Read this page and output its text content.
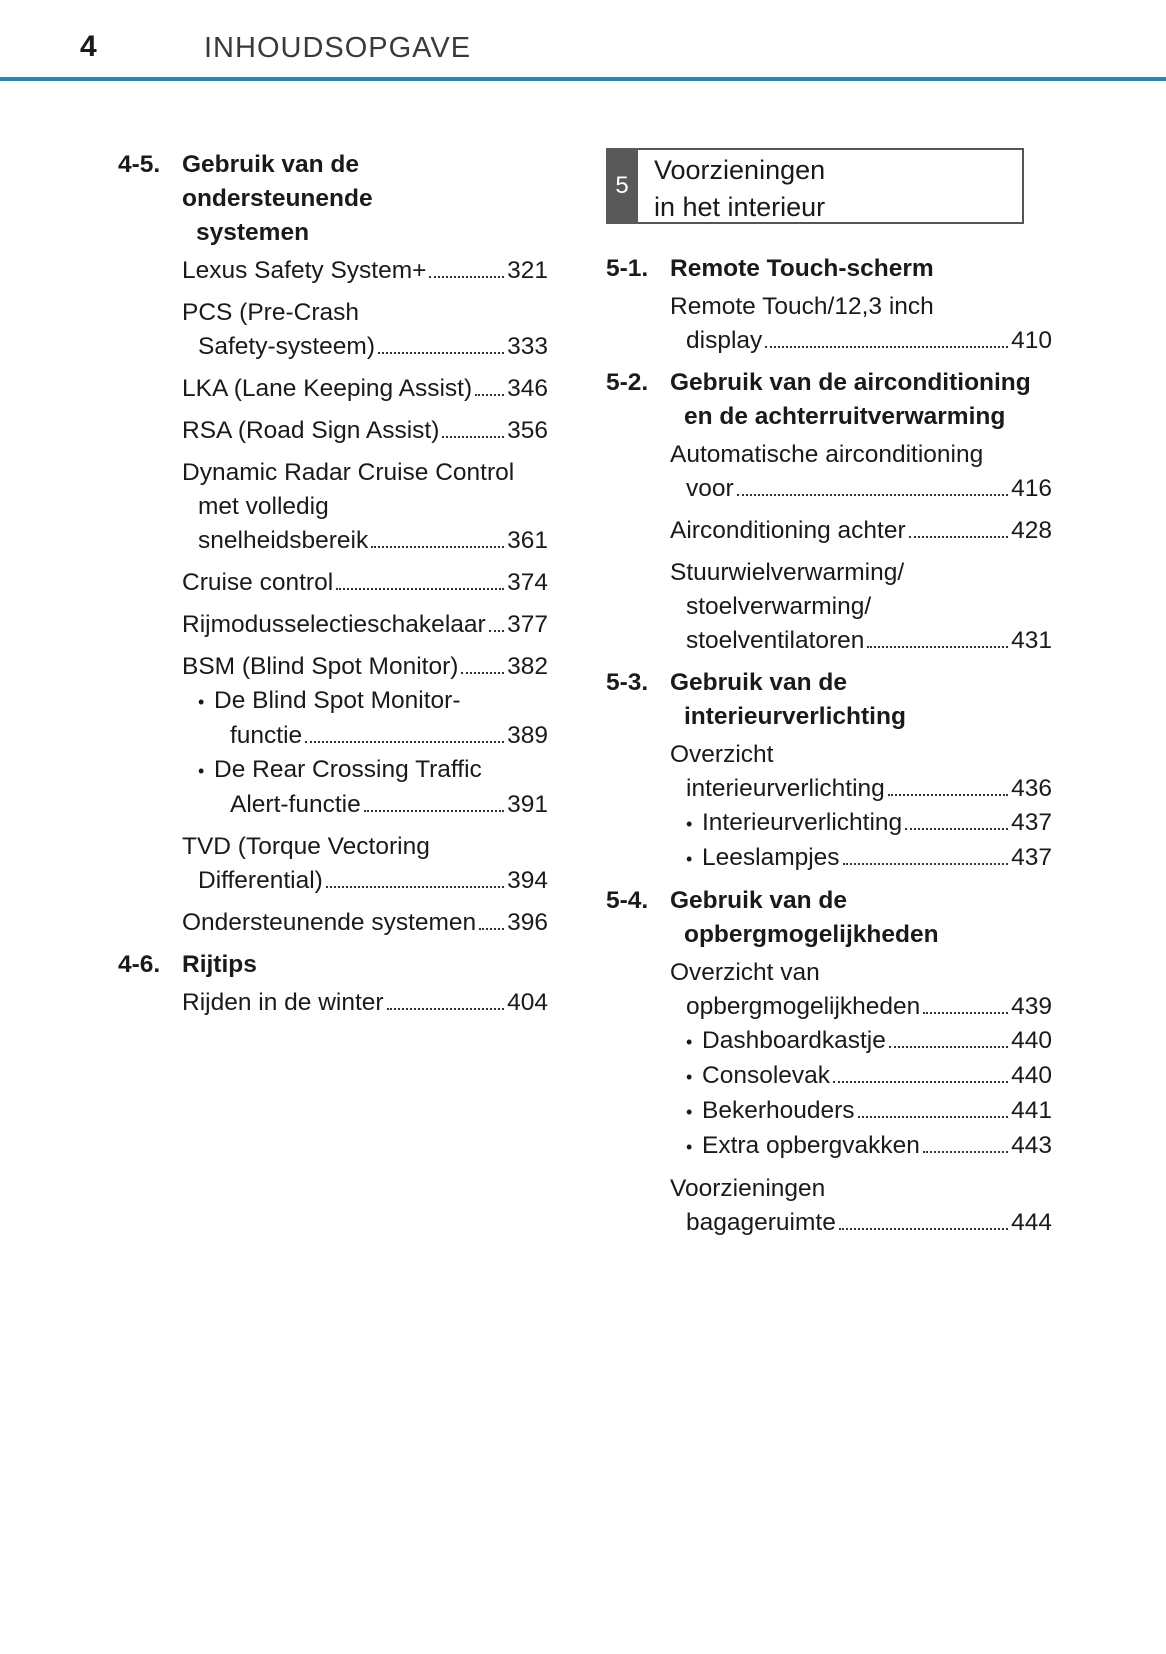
4	INHOUDSOPGAVE
4-5. Gebruik van de ondersteunende
systemen
Lexus Safety System+	321
PCS (Pre-Crash
Safety-systeem)	333
LKA (Lane Keeping Assist) 346
RSA (Road Sign Assist)	356
Dynamic Radar Cruise Control
met volledig
snelheidsbereik	361
Cruise control	374
Rijmodusselectieschakelaar 377
BSM (Blind Spot Monitor) 382
• De Blind Spot Monitor-
functie	389
• De Rear Crossing Traffic
Alert-functie	391
TVD (Torque Vectoring
Differential)	394
Ondersteunende systemen 396
4-6. Rijtips
Rijden in de winter	404
5
Voorzieningen
in het interieur
5-1. Remote Touch-scherm
Remote Touch/12,3 inch
display	410
5-2. Gebruik van de airconditioning
en de achterruitverwarming
Automatische airconditioning
voor	416
Airconditioning achter	428
Stuurwielverwarming/
stoelverwarming/
stoelventilatoren	431
5-3. Gebruik van de
interieurverlichting
Overzicht
interieurverlichting	436
• Interieurverlichting	437
• Leeslampjes	437
5-4. Gebruik van de
opbergmogelijkheden
Overzicht van
opbergmogelijkheden	439
• Dashboardkastje	440
• Consolevak	440
• Bekerhouders	441
• Extra opbergvakken	443
Voorzieningen
bagageruimte	444
